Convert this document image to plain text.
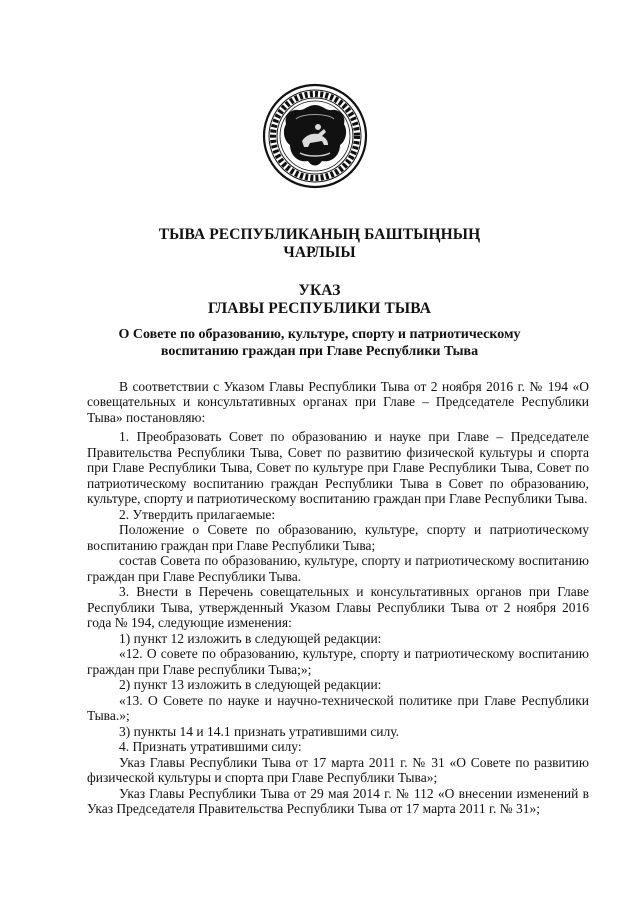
ТЫВА РЕСПУБЛИКАНЫҢ БАШТЫҢНЫҢ
ЧАРЛЫЫ
УКАЗ
ГЛАВЫ РЕСПУБЛИКИ ТЫВА
О Совете по образованию, культуре, спорту и патриотическому
воспитанию граждан при Главе Республики Тыва

В соответствии с Указом Главы Республики Тыва от 2 ноября 2016 г. № 194 «О совещательных и консультативных органах при Главе – Председателе Республики Тыва» постановляю:

1. Преобразовать Совет по образованию и науке при Главе – Председателе Правительства Республики Тыва, Совет по развитию физической культуры и спорта при Главе Республики Тыва, Совет по культуре при Главе Республики Тыва, Совет по патриотическому воспитанию граждан Республики Тыва в Совет по образованию, культуре, спорту и патриотическому воспитанию граждан при Главе Республики Тыва.

2. Утвердить прилагаемые:

Положение о Совете по образованию, культуре, спорту и патриотическому воспитанию граждан при Главе Республики Тыва;

состав Совета по образованию, культуре, спорту и патриотическому воспитанию граждан при Главе Республики Тыва.

3. Внести в Перечень совещательных и консультативных органов при Главе Республики Тыва, утвержденный Указом Главы Республики Тыва от 2 ноября 2016 года № 194, следующие изменения:

1) пункт 12 изложить в следующей редакции:

«12. О совете по образованию, культуре, спорту и патриотическому воспитанию граждан при Главе республики Тыва;»;

2) пункт 13 изложить в следующей редакции:

«13. О Совете по науке и научно-технической политике при Главе Республики Тыва.»;

3) пункты 14 и 14.1 признать утратившими силу.

4. Признать утратившими силу:

Указ Главы Республики Тыва от 17 марта 2011 г. № 31 «О Совете по развитию физической культуры и спорта при Главе Республики Тыва»;

Указ Главы Республики Тыва от 29 мая 2014 г. № 112 «О внесении изменений в Указ Председателя Правительства Республики Тыва от 17 марта 2011 г. № 31»;
